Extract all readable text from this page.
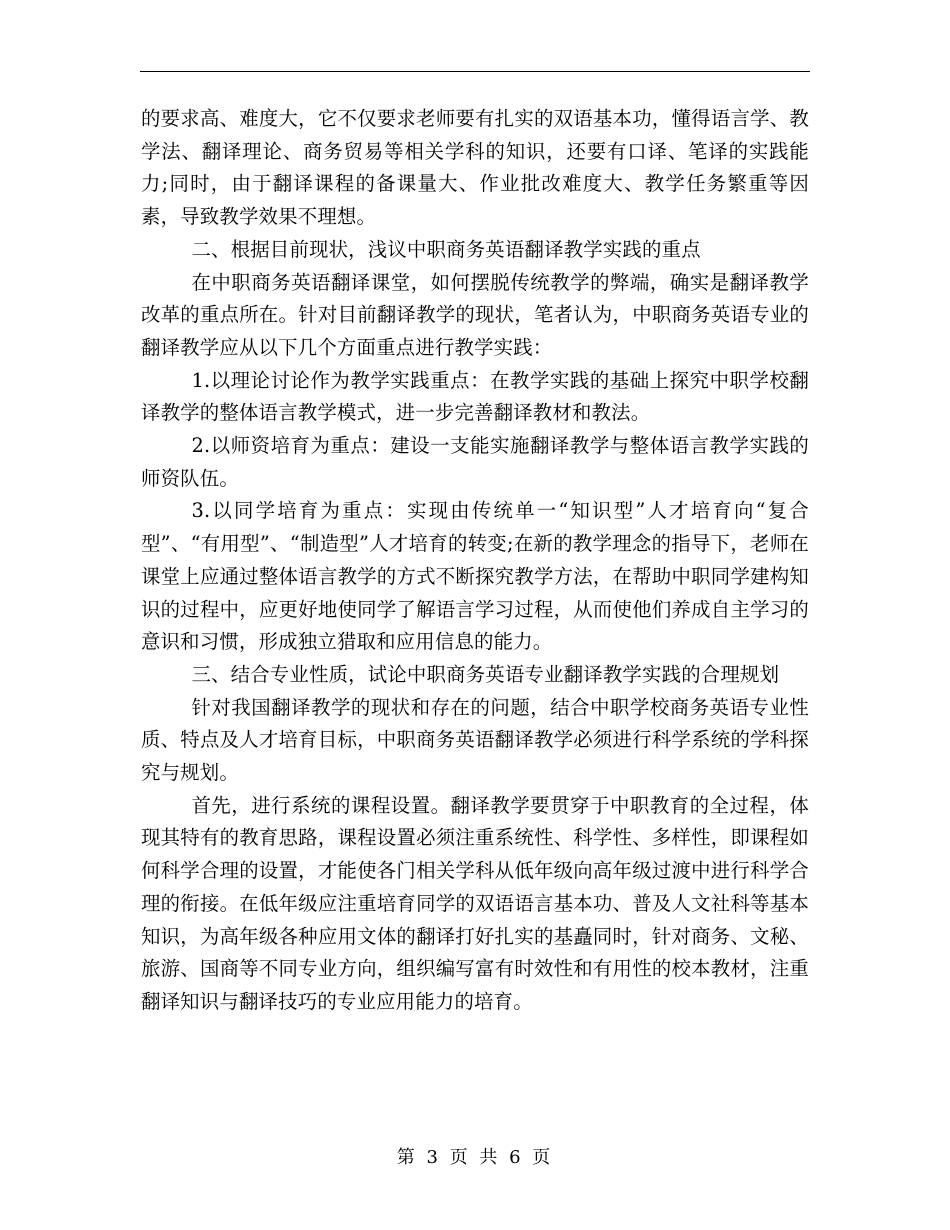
的要求高、难度大，它不仅要求老师要有扎实的双语基本功，懂得语言学、教学法、翻译理论、商务贸易等相关学科的知识，还要有口译、笔译的实践能力;同时，由于翻译课程的备课量大、作业批改难度大、教学任务繁重等因素，导致教学效果不理想。

二、根据目前现状，浅议中职商务英语翻译教学实践的重点

在中职商务英语翻译课堂，如何摆脱传统教学的弊端，确实是翻译教学改革的重点所在。针对目前翻译教学的现状，笔者认为，中职商务英语专业的翻译教学应从以下几个方面重点进行教学实践：

1.以理论讨论作为教学实践重点：在教学实践的基础上探究中职学校翻译教学的整体语言教学模式，进一步完善翻译教材和教法。

2.以师资培育为重点：建设一支能实施翻译教学与整体语言教学实践的师资队伍。

3.以同学培育为重点：实现由传统单一“知识型”人才培育向“复合型”、“有用型”、“制造型”人才培育的转变;在新的教学理念的指导下，老师在课堂上应通过整体语言教学的方式不断探究教学方法，在帮助中职同学建构知识的过程中，应更好地使同学了解语言学习过程，从而使他们养成自主学习的意识和习惯，形成独立猎取和应用信息的能力。

三、结合专业性质，试论中职商务英语专业翻译教学实践的合理规划

针对我国翻译教学的现状和存在的问题，结合中职学校商务英语专业性质、特点及人才培育目标，中职商务英语翻译教学必须进行科学系统的学科探究与规划。

首先，进行系统的课程设置。翻译教学要贯穿于中职教育的全过程，体现其特有的教育思路，课程设置必须注重系统性、科学性、多样性，即课程如何科学合理的设置，才能使各门相关学科从低年级向高年级过渡中进行科学合理的衔接。在低年级应注重培育同学的双语语言基本功、普及人文社科等基本知识，为高年级各种应用文体的翻译打好扎实的基矗同时，针对商务、文秘、旅游、国商等不同专业方向，组织编写富有时效性和有用性的校本教材，注重翻译知识与翻译技巧的专业应用能力的培育。

第 3 页 共 6 页
